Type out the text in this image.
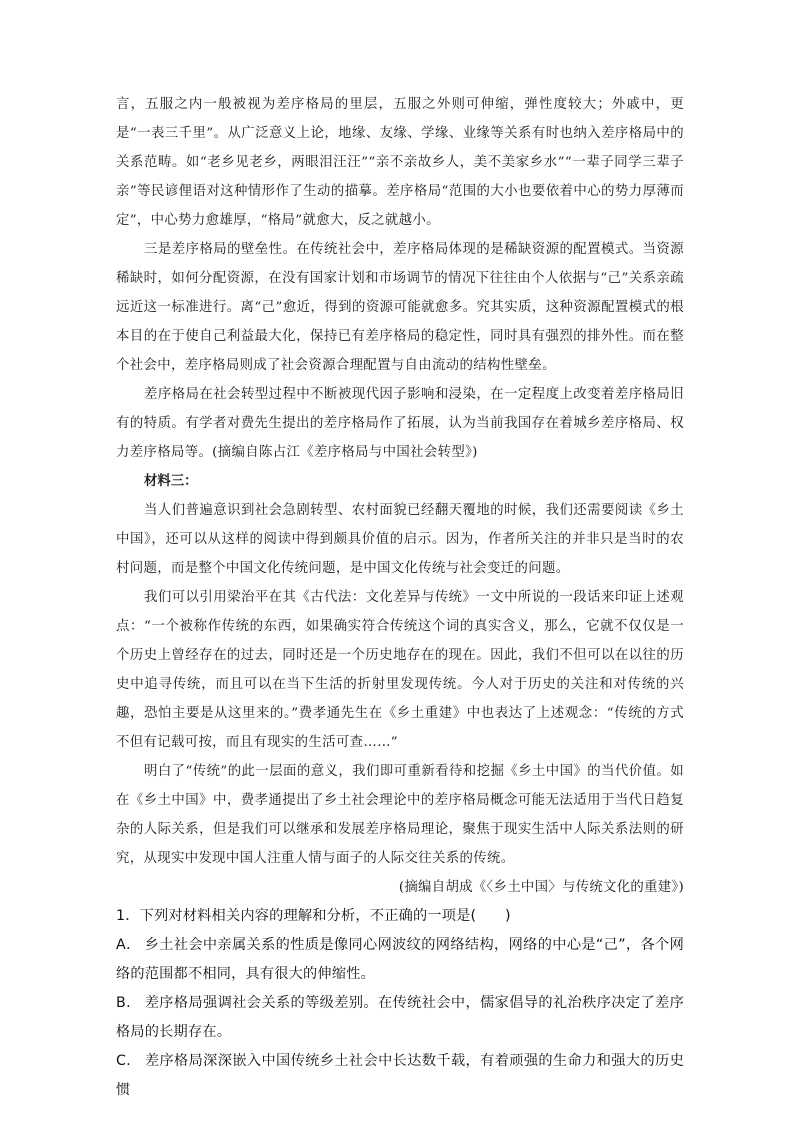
言，五服之内一般被视为差序格局的里层，五服之外则可伸缩，弹性度较大；外戚中，更是“一表三千里”。从广泛意义上论，地缘、友缘、学缘、业缘等关系有时也纳入差序格局中的关系范畴。如“老乡见老乡，两眼泪汪汪”“亲不亲故乡人，美不美家乡水”“一辈子同学三辈子亲”等民谚俚语对这种情形作了生动的描摹。差序格局“范围的大小也要依着中心的势力厚薄而定”，中心势力愈雄厚，“格局”就愈大，反之就越小。

三是差序格局的壁垒性。在传统社会中，差序格局体现的是稀缺资源的配置模式。当资源稀缺时，如何分配资源，在没有国家计划和市场调节的情况下往往由个人依据与“己”关系亲疏远近这一标准进行。离“己”愈近，得到的资源可能就愈多。究其实质，这种资源配置模式的根本目的在于使自己利益最大化，保持已有差序格局的稳定性，同时具有强烈的排外性。而在整个社会中，差序格局则成了社会资源合理配置与自由流动的结构性壁垒。

差序格局在社会转型过程中不断被现代因子影响和浸染，在一定程度上改变着差序格局旧有的特质。有学者对费先生提出的差序格局作了拓展，认为当前我国存在着城乡差序格局、权力差序格局等。(摘编自陈占江《差序格局与中国社会转型》)

材料三：

当人们普遍意识到社会急剧转型、农村面貌已经翻天覆地的时候，我们还需要阅读《乡土中国》，还可以从这样的阅读中得到颇具价值的启示。因为，作者所关注的并非只是当时的农村问题，而是整个中国文化传统问题，是中国文化传统与社会变迁的问题。

我们可以引用梁治平在其《古代法：文化差异与传统》一文中所说的一段话来印证上述观点：“一个被称作传统的东西，如果确实符合传统这个词的真实含义，那么，它就不仅仅是一个历史上曾经存在的过去，同时还是一个历史地存在的现在。因此，我们不但可以在以往的历史中追寻传统，而且可以在当下生活的折射里发现传统。今人对于历史的关注和对传统的兴趣，恐怕主要是从这里来的。”费孝通先生在《乡土重建》中也表达了上述观念：“传统的方式不但有记载可按，而且有现实的生活可查……”

明白了“传统”的此一层面的意义，我们即可重新看待和挖掘《乡土中国》的当代价值。如在《乡土中国》中，费孝通提出了乡土社会理论中的差序格局概念可能无法适用于当代日趋复杂的人际关系，但是我们可以继承和发展差序格局理论，聚焦于现实生活中人际关系法则的研究，从现实中发现中国人注重人情与面子的人际交往关系的传统。

(摘编自胡成《〈乡土中国〉与传统文化的重建》)

1．下列对材料相关内容的理解和分析，不正确的一项是(　　)

A． 乡土社会中亲属关系的性质是像同心网波纹的网络结构，网络的中心是“己”，各个网络的范围都不相同，具有很大的伸缩性。

B． 差序格局强调社会关系的等级差别。在传统社会中，儒家倡导的礼治秩序决定了差序格局的长期存在。

C． 差序格局深深嵌入中国传统乡土社会中长达数千载，有着顽强的生命力和强大的历史惯
